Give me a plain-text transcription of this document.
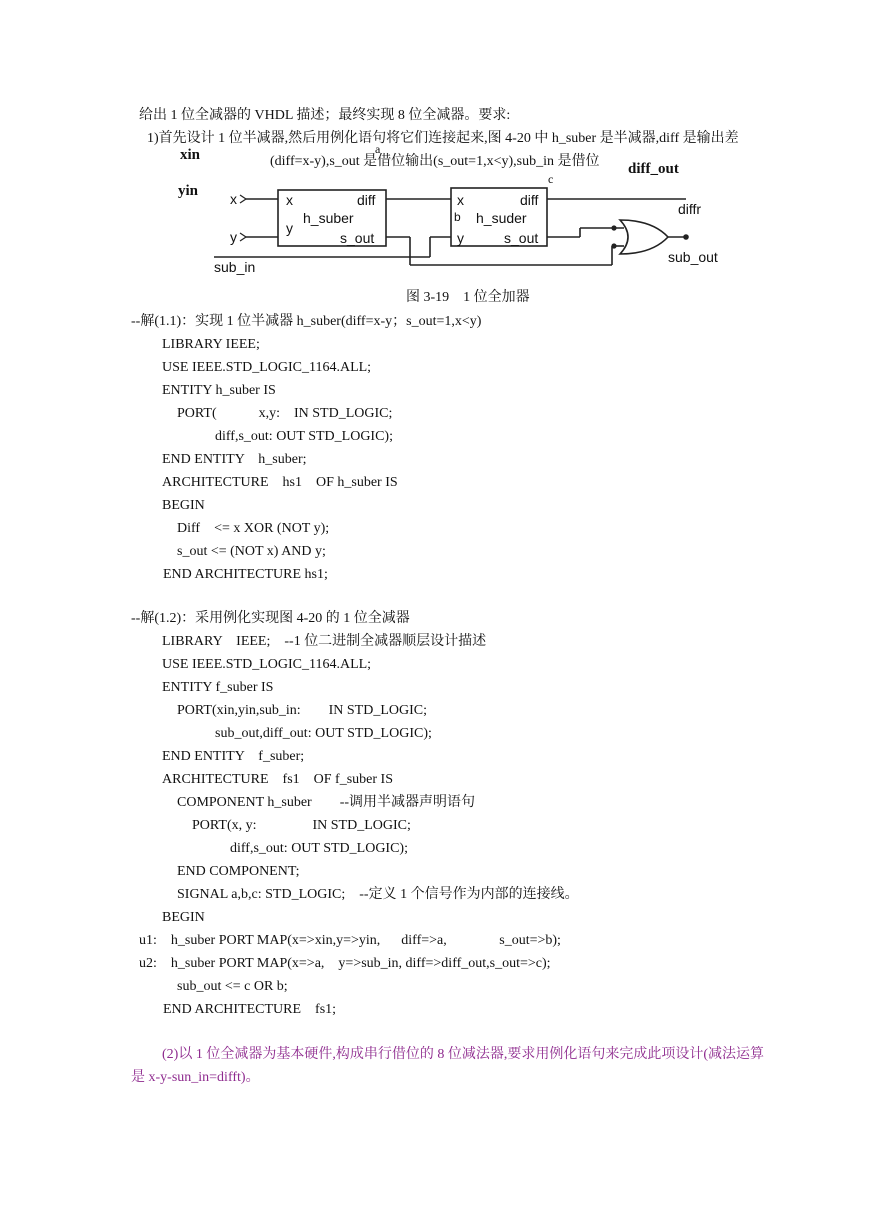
给出 1 位全减器的 VHDL 描述；最终实现 8 位全减器。要求:
1)首先设计 1 位半减器,然后用例化语句将它们连接起来,图 4-20 中 h_suber 是半减器,diff 是输出差
(diff=x-y),s_out 是借位输出(s_out=1,x<y),sub_in 是借位
xin
yin
diff_out
a
c
x
y
sub_in
x
y
h_suber
diff
s_out
x
b h_suder
y
diff
s_out
diffr
sub_out
图 3-19　1 位全加器
--解(1.1)：实现 1 位半减器 h_suber(diff=x-y；s_out=1,x<y)
LIBRARY IEEE;
USE IEEE.STD_LOGIC_1164.ALL;
ENTITY h_suber IS
PORT(            x,y:    IN STD_LOGIC;
diff,s_out: OUT STD_LOGIC);
END ENTITY    h_suber;
ARCHITECTURE    hs1    OF h_suber IS
BEGIN
Diff    <= x XOR (NOT y);
s_out <= (NOT x) AND y;
END ARCHITECTURE hs1;
--解(1.2)：采用例化实现图 4-20 的 1 位全减器
LIBRARY    IEEE;    --1 位二进制全减器顺层设计描述
USE IEEE.STD_LOGIC_1164.ALL;
ENTITY f_suber IS
PORT(xin,yin,sub_in:        IN STD_LOGIC;
sub_out,diff_out: OUT STD_LOGIC);
END ENTITY    f_suber;
ARCHITECTURE    fs1    OF f_suber IS
COMPONENT h_suber        --调用半减器声明语句
PORT(x, y:                IN STD_LOGIC;
diff,s_out: OUT STD_LOGIC);
END COMPONENT;
SIGNAL a,b,c: STD_LOGIC;    --定义 1 个信号作为内部的连接线。
BEGIN
u1:    h_suber PORT MAP(x=>xin,y=>yin,      diff=>a,               s_out=>b);
u2:    h_suber PORT MAP(x=>a,    y=>sub_in, diff=>diff_out,s_out=>c);
sub_out <= c OR b;
END ARCHITECTURE    fs1;
(2)以 1 位全减器为基本硬件,构成串行借位的 8 位减法器,要求用例化语句来完成此项设计(减法运算
是 x-y-sun_in=difft)。
